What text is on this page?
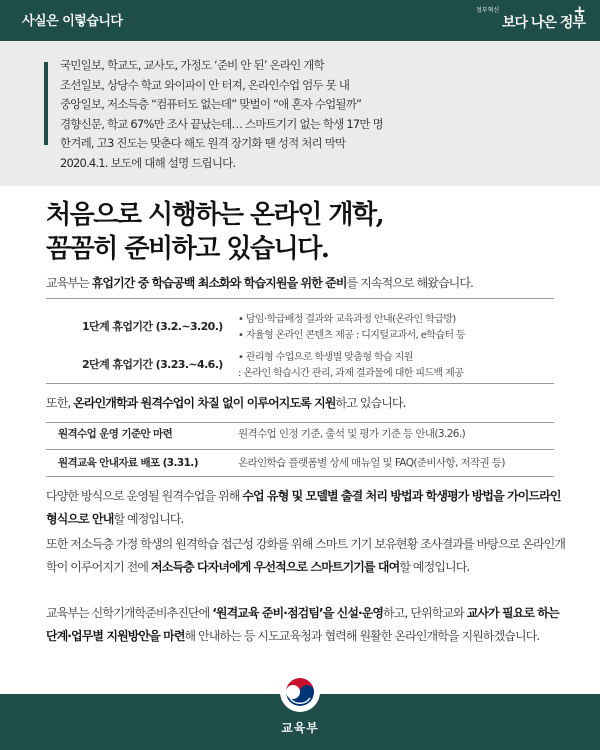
사실은 이렇습니다
정부혁신
보다 나은 정부
+
국민일보, 학교도, 교사도, 가정도 ‘준비 안 된’ 온라인 개학
조선일보, 상당수 학교 와이파이 안 터져, 온라인수업 엄두 못 내
중앙일보, 저소득층 “컴퓨터도 없는데” 맞벌이 “애 혼자 수업될까”
경향신문, 학교 67%만 조사 끝났는데… 스마트기기 없는 학생 17만 명
한겨레, 고3 진도는 맞춘다 해도 원격 장기화 땐 성적 처리 막막
2020.4.1. 보도에 대해 설명 드립니다.
처음으로 시행하는 온라인 개학,
꼼꼼히 준비하고 있습니다.
교육부는 휴업기간 중 학습공백 최소화와 학습지원을 위한 준비를 지속적으로 해왔습니다.
1단계 휴업기간 (3.2.~3.20.)
• 담임·학급배정 결과와 교육과정 안내(온라인 학급방)
• 자율형 온라인 콘텐츠 제공 : 디지털교과서, e학습터 등
2단계 휴업기간 (3.23.~4.6.)
• 관리형 수업으로 학생별 맞춤형 학습 지원
: 온라인 학습시간 관리, 과제 결과물에 대한 피드백 제공
또한, 온라인개학과 원격수업이 차질 없이 이루어지도록 지원하고 있습니다.
원격수업 운영 기준안 마련	원격수업 인정 기준, 출석 및 평가 기준 등 안내(3.26.)
원격교육 안내자료 배포 (3.31.)	온라인학습 플랫폼별 상세 매뉴얼 및 FAQ(준비사항, 저작권 등)
다양한 방식으로 운영될 원격수업을 위해 수업 유형 및 모델별 출결 처리 방법과 학생평가 방법을 가이드라인 형식으로 안내할 예정입니다.
또한 저소득층 가정 학생의 원격학습 접근성 강화를 위해 스마트 기기 보유현황 조사결과를 바탕으로 온라인개학이 이루어지기 전에 저소득층 다자녀에게 우선적으로 스마트기기를 대여할 예정입니다.
교육부는 신학기개학준비추진단에 ‘원격교육 준비·점검팀’을 신설·운영하고, 단위학교와 교사가 필요로 하는 단계·업무별 지원방안을 마련해 안내하는 등 시도교육청과 협력해 원활한 온라인개학을 지원하겠습니다.
교육부
